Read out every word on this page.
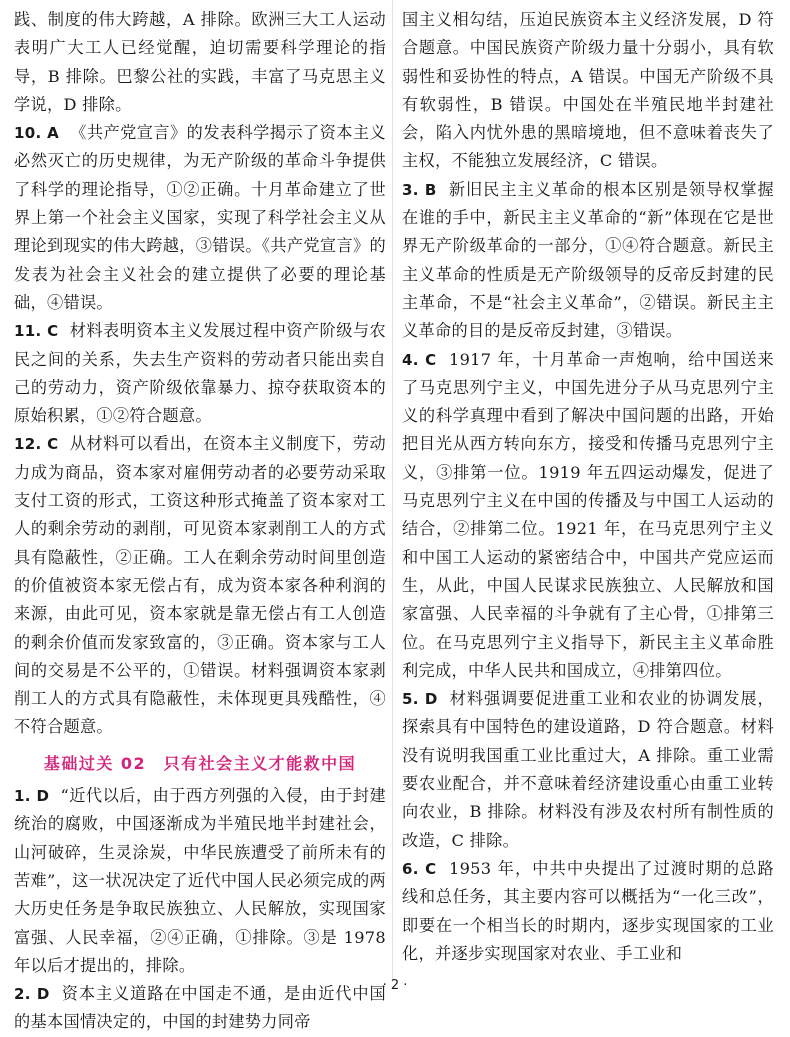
践、制度的伟大跨越，A 排除。欧洲三大工人运动表明广大工人已经觉醒，迫切需要科学理论的指导，B 排除。巴黎公社的实践，丰富了马克思主义学说，D 排除。

10. A 《共产党宣言》的发表科学揭示了资本主义必然灭亡的历史规律，为无产阶级的革命斗争提供了科学的理论指导，①②正确。十月革命建立了世界上第一个社会主义国家，实现了科学社会主义从理论到现实的伟大跨越，③错误。《共产党宣言》的发表为社会主义社会的建立提供了必要的理论基础，④错误。

11. C 材料表明资本主义发展过程中资产阶级与农民之间的关系，失去生产资料的劳动者只能出卖自己的劳动力，资产阶级依靠暴力、掠夺获取资本的原始积累，①②符合题意。

12. C 从材料可以看出，在资本主义制度下，劳动力成为商品，资本家对雇佣劳动者的必要劳动采取支付工资的形式，工资这种形式掩盖了资本家对工人的剩余劳动的剥削，可见资本家剥削工人的方式具有隐蔽性，②正确。工人在剩余劳动时间里创造的价值被资本家无偿占有，成为资本家各种利润的来源，由此可见，资本家就是靠无偿占有工人创造的剩余价值而发家致富的，③正确。资本家与工人间的交易是不公平的，①错误。材料强调资本家剥削工人的方式具有隐蔽性，未体现更具残酷性，④不符合题意。

基础过关 02　只有社会主义才能救中国

1. D “近代以后，由于西方列强的入侵，由于封建统治的腐败，中国逐渐成为半殖民地半封建社会，山河破碎，生灵涂炭，中华民族遭受了前所未有的苦难”，这一状况决定了近代中国人民必须完成的两大历史任务是争取民族独立、人民解放，实现国家富强、人民幸福，②④正确，①排除。③是 1978 年以后才提出的，排除。

2. D 资本主义道路在中国走不通，是由近代中国的基本国情决定的，中国的封建势力同帝

国主义相勾结，压迫民族资本主义经济发展，D 符合题意。中国民族资产阶级力量十分弱小，具有软弱性和妥协性的特点，A 错误。中国无产阶级不具有软弱性，B 错误。中国处在半殖民地半封建社会，陷入内忧外患的黑暗境地，但不意味着丧失了主权，不能独立发展经济，C 错误。

3. B 新旧民主主义革命的根本区别是领导权掌握在谁的手中，新民主主义革命的“新”体现在它是世界无产阶级革命的一部分，①④符合题意。新民主主义革命的性质是无产阶级领导的反帝反封建的民主革命，不是“社会主义革命”，②错误。新民主主义革命的目的是反帝反封建，③错误。

4. C 1917 年，十月革命一声炮响，给中国送来了马克思列宁主义，中国先进分子从马克思列宁主义的科学真理中看到了解决中国问题的出路，开始把目光从西方转向东方，接受和传播马克思列宁主义，③排第一位。1919 年五四运动爆发，促进了马克思列宁主义在中国的传播及与中国工人运动的结合，②排第二位。1921 年，在马克思列宁主义和中国工人运动的紧密结合中，中国共产党应运而生，从此，中国人民谋求民族独立、人民解放和国家富强、人民幸福的斗争就有了主心骨，①排第三位。在马克思列宁主义指导下，新民主主义革命胜利完成，中华人民共和国成立，④排第四位。

5. D 材料强调要促进重工业和农业的协调发展，探索具有中国特色的建设道路，D 符合题意。材料没有说明我国重工业比重过大，A 排除。重工业需要农业配合，并不意味着经济建设重心由重工业转向农业，B 排除。材料没有涉及农村所有制性质的改造，C 排除。

6. C 1953 年，中共中央提出了过渡时期的总路线和总任务，其主要内容可以概括为“一化三改”，即要在一个相当长的时期内，逐步实现国家的工业化，并逐步实现国家对农业、手工业和

· 2 ·
